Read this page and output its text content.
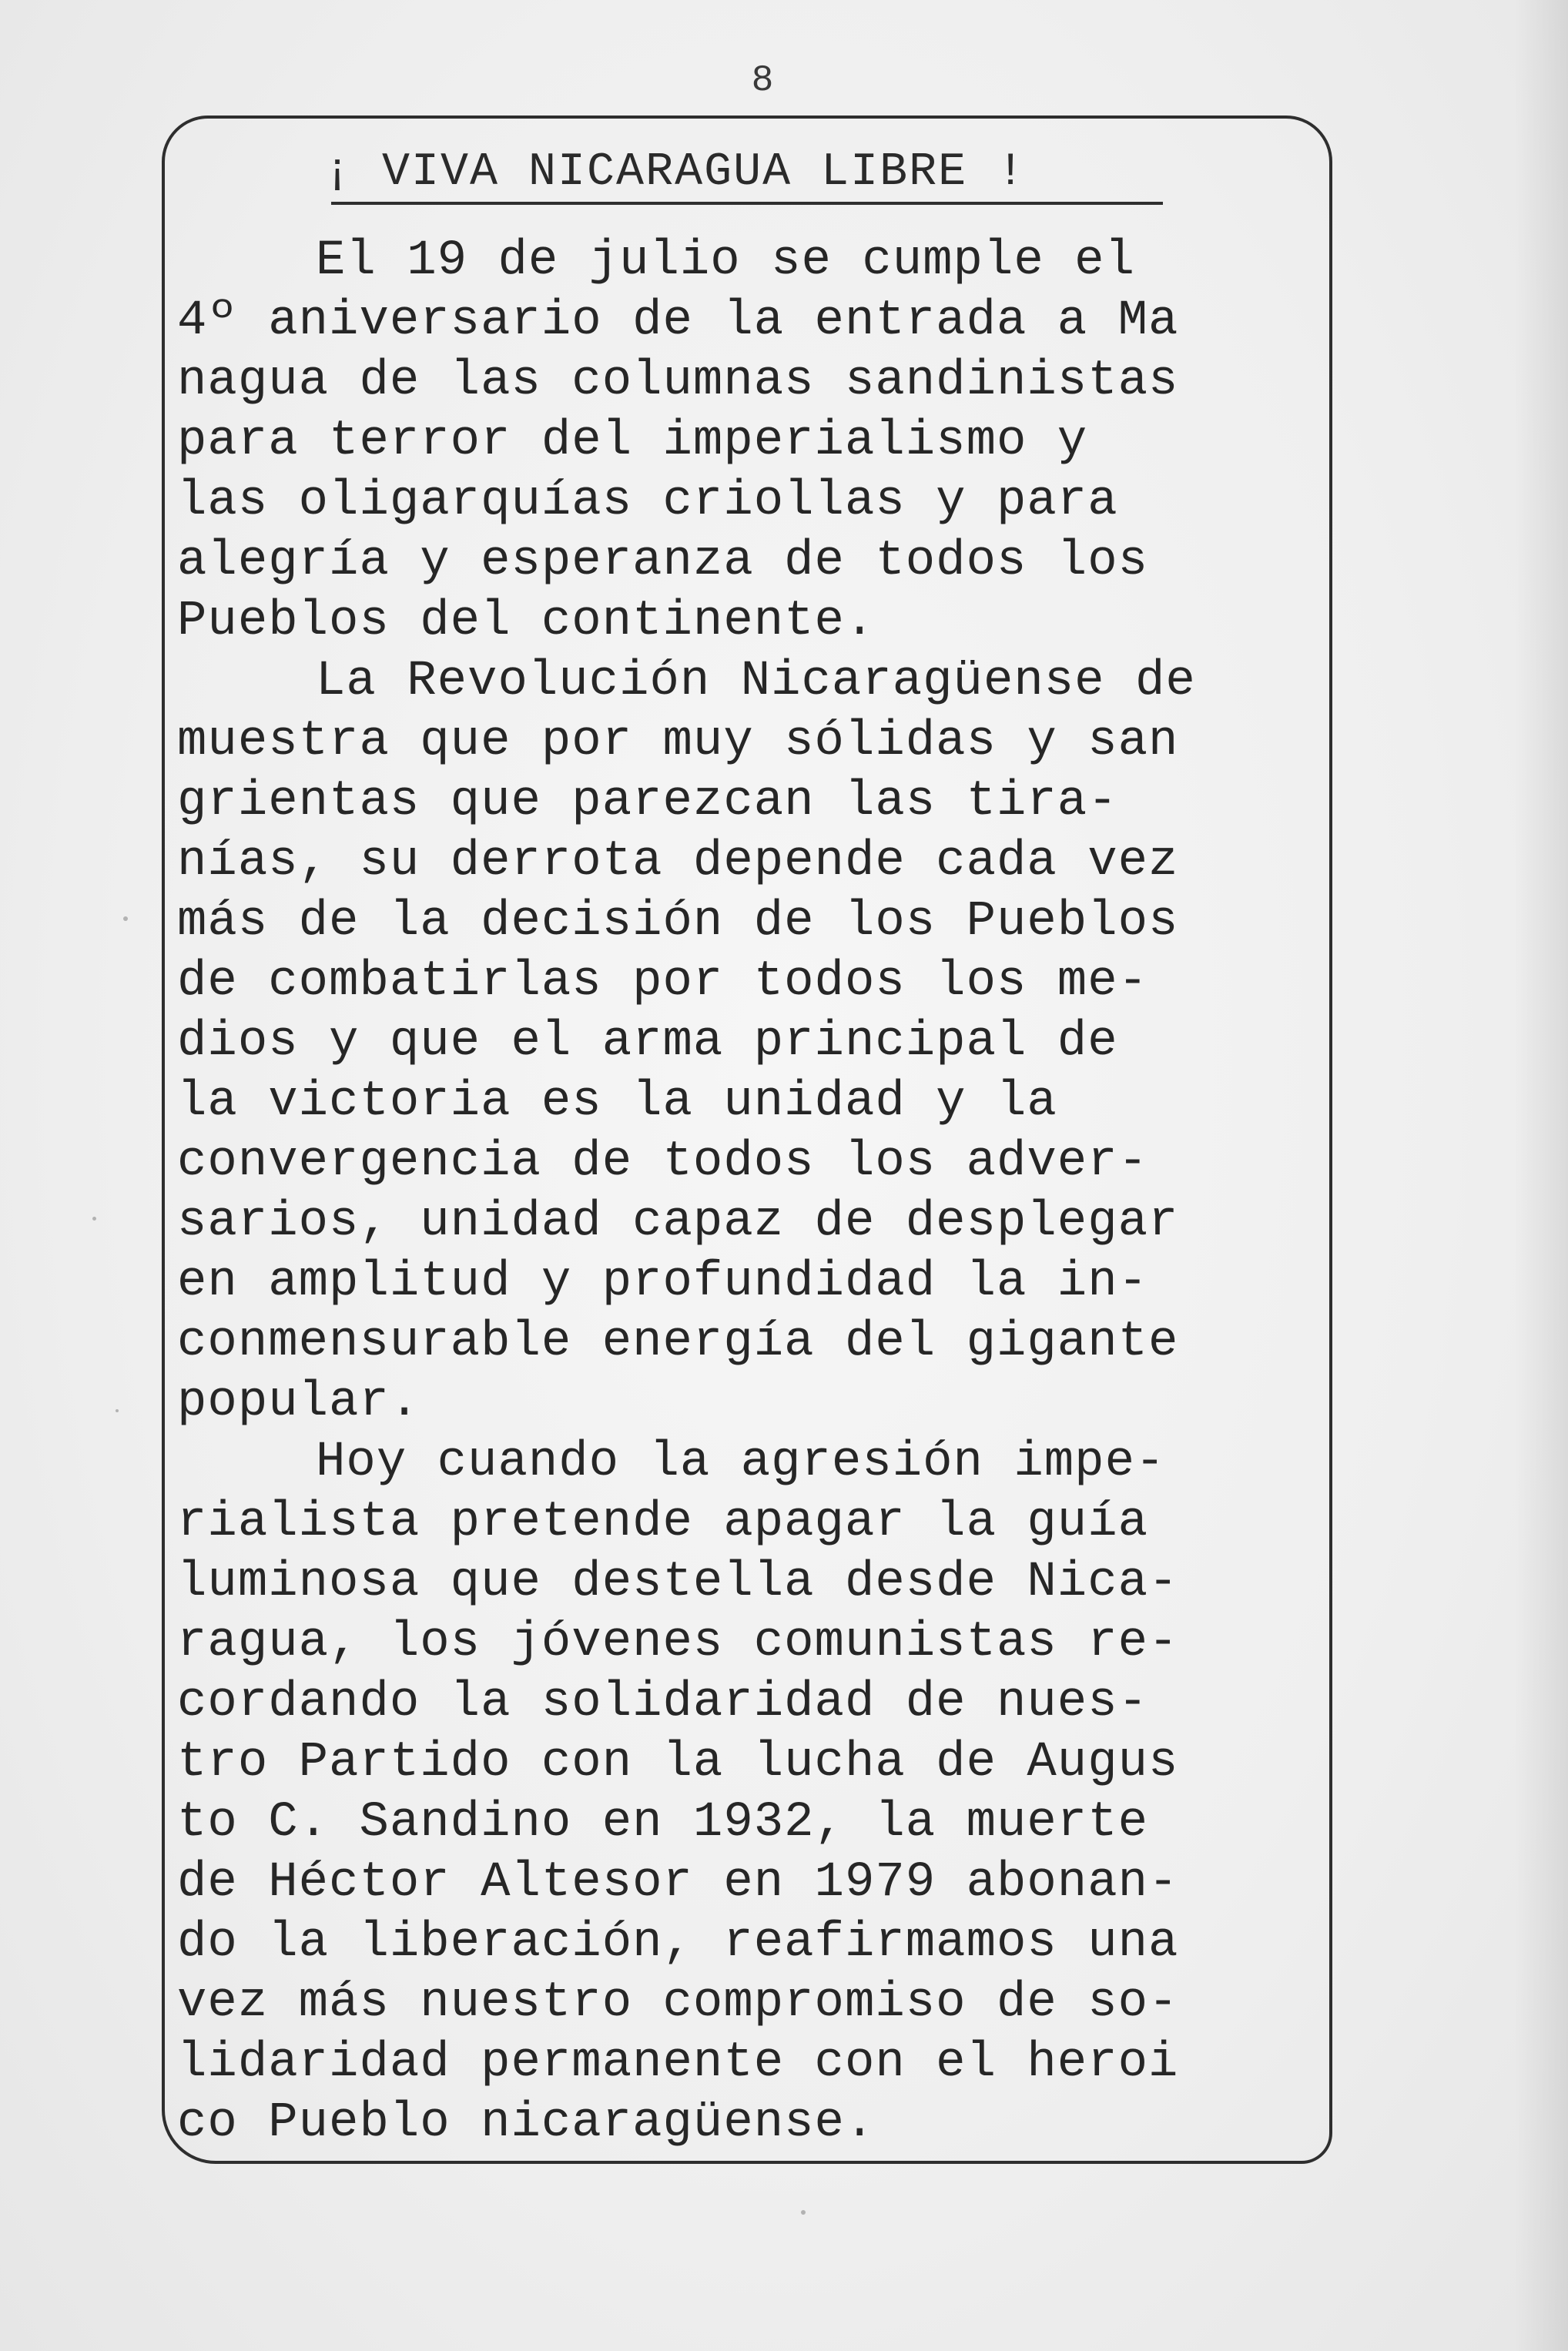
8
¡ VIVA NICARAGUA LIBRE !
El 19 de julio se cumple el
4º aniversario de la entrada a Ma
nagua de las columnas sandinistas
para terror del imperialismo y
las oligarquías criollas y para
alegría y esperanza de todos los
Pueblos del continente.
La Revolución Nicaragüense de
muestra que por muy sólidas y san
grientas que parezcan las tira-
nías, su derrota depende cada vez
más de la decisión de los Pueblos
de combatirlas por todos los me-
dios y que el arma principal de
la victoria es la unidad y la
convergencia de todos los adver-
sarios, unidad capaz de desplegar
en amplitud y profundidad la in-
conmensurable energía del gigante
popular.
Hoy cuando la agresión impe-
rialista pretende apagar la guía
luminosa que destella desde Nica-
ragua, los jóvenes comunistas re-
cordando la solidaridad de nues-
tro Partido con la lucha de Augus
to C. Sandino en 1932, la muerte
de Héctor Altesor en 1979 abonan-
do la liberación, reafirmamos una
vez más nuestro compromiso de so-
lidaridad permanente con el heroi
co Pueblo nicaragüense.
